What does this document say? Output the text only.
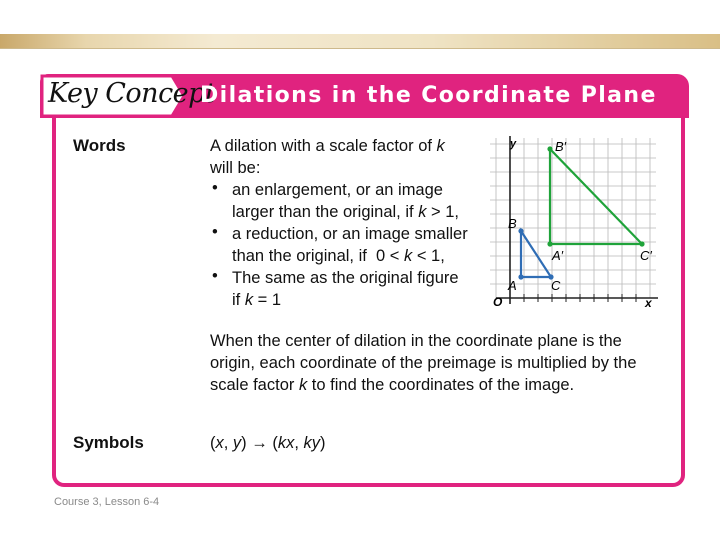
Key Concept
Dilations in the Coordinate Plane
Words	A dilation with a scale factor of k
will be:
• an enlargement, or an image
larger than the original, if k > 1,
• a reduction, or an image smaller
than the original, if  0 < k < 1,
• The same as the original figure
if k = 1
When the center of dilation in the coordinate plane is the
origin, each coordinate of the preimage is multiplied by the
scale factor k to find the coordinates of the image.
Symbols	(x, y) → (kx, ky)
y
x
O
B′
A′	C′
B
A	C
Course 3, Lesson 6-4
